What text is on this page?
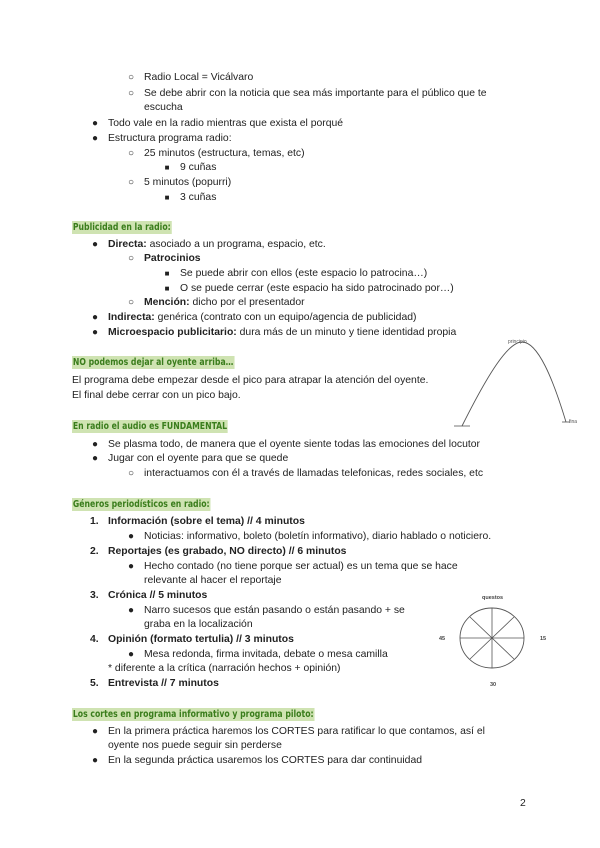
○ Radio Local = Vicálvaro
○ Se debe abrir con la noticia que sea más importante para el público que te
escucha
● Todo vale en la radio mientras que exista el porqué
● Estructura programa radio:
○ 25 minutos (estructura, temas, etc)
■	9 cuñas
○ 5 minutos (popurri)
■	3 cuñas
Publicidad en la radio:
● Directa: asociado a un programa, espacio, etc.
○ Patrocinios
■	Se puede abrir con ellos (este espacio lo patrocina…)
■	O se puede cerrar (este espacio ha sido patrocinado por…)
○ Mención: dicho por el presentador
● Indirecta: genérica (contrato con un equipo/agencia de publicidad)
● Microespacio publicitario: dura más de un minuto y tiene identidad propia
NO podemos dejar al oyente arriba…
El programa debe empezar desde el pico para atrapar la atención del oyente.
El final debe cerrar con un pico bajo.
principio
fina
En radio el audio es FUNDAMENTAL
● Se plasma todo, de manera que el oyente siente todas las emociones del locutor
● Jugar con el oyente para que se quede
○ interactuamos con él a través de llamadas telefonicas, redes sociales, etc
Géneros periodísticos en radio:
1. Información (sobre el tema) // 4 minutos
● Noticias: informativo, boleto (boletín informativo), diario hablado o noticiero.
2. Reportajes (es grabado, NO directo) // 6 minutos
● Hecho contado (no tiene porque ser actual) es un tema que se hace
relevante al hacer el reportaje
3. Crónica // 5 minutos
● Narro sucesos que están pasando o están pasando + se
graba en la localización
4. Opinión (formato tertulia) // 3 minutos
● Mesa redonda, firma invitada, debate o mesa camilla
* diferente a la crítica (narración hechos + opinión)
5. Entrevista // 7 minutos
questos
45	15
30
Los cortes en programa informativo y programa piloto:
● En la primera práctica haremos los CORTES para ratificar lo que contamos, así el
oyente nos puede seguir sin perderse
● En la segunda práctica usaremos los CORTES para dar continuidad
2
